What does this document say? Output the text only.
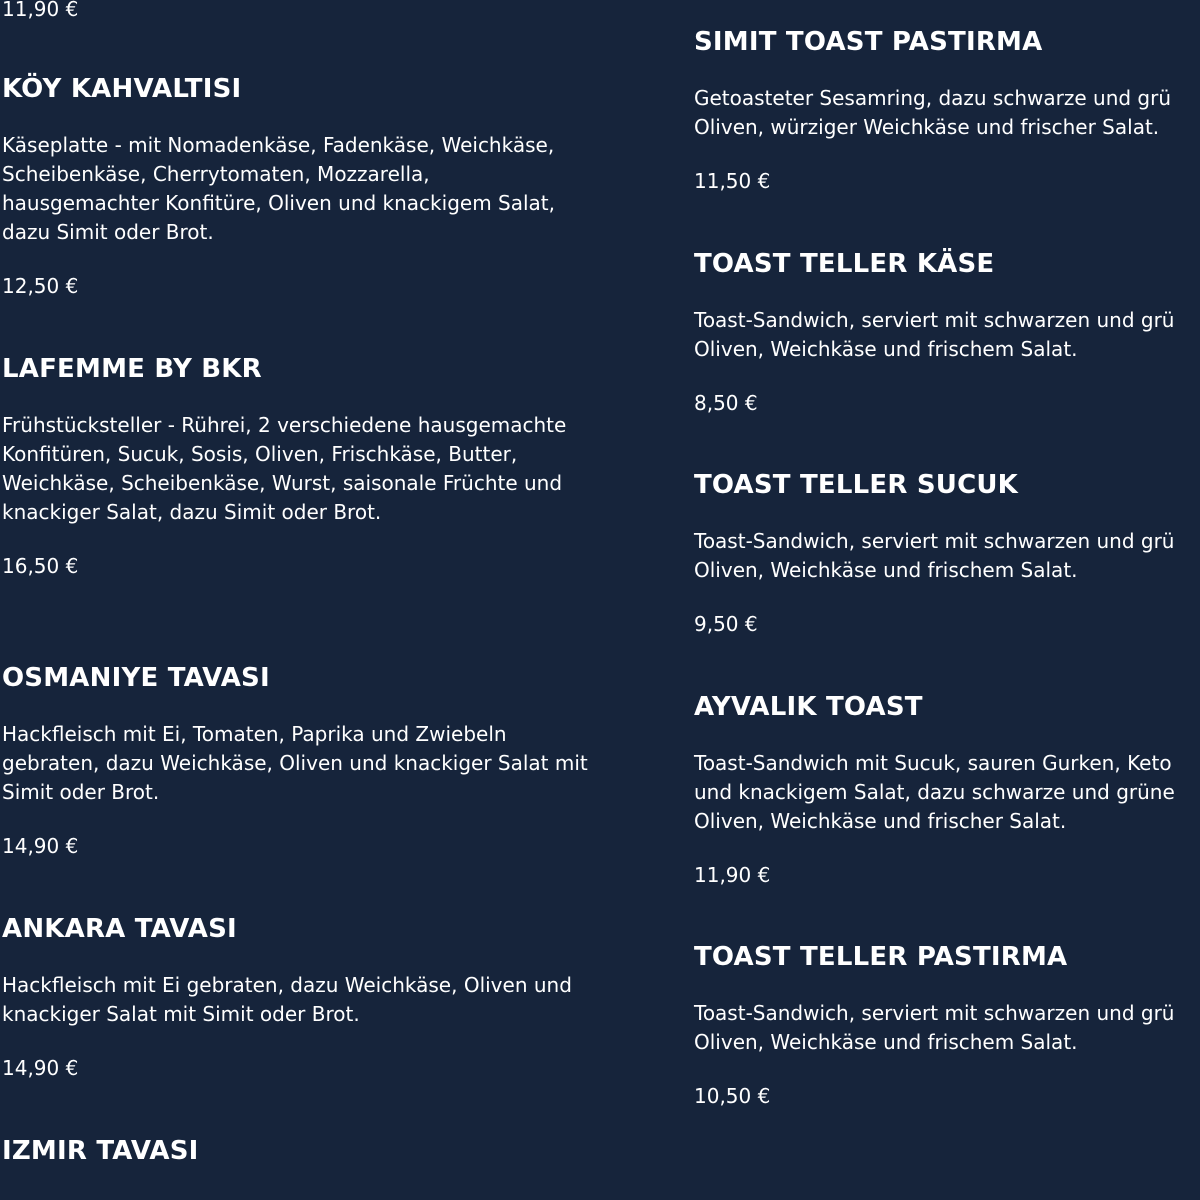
11,90 €
KÖY KAHVALTISI

Käseplatte - mit Nomadenkäse, Fadenkäse, Weichkäse, Scheibenkäse, Cherrytomaten, Mozzarella, hausgemachter Konfitüre, Oliven und knackigem Salat, dazu Simit oder Brot.

12,50 €

LAFEMME BY BKR

Frühstücksteller - Rührei, 2 verschiedene hausgemachte Konfitüren, Sucuk, Sosis, Oliven, Frischkäse, Butter, Weichkäse, Scheibenkäse, Wurst, saisonale Früchte und knackiger Salat, dazu Simit oder Brot.

16,50 €

OSMANIYE TAVASI

Hackfleisch mit Ei, Tomaten, Paprika und Zwiebeln gebraten, dazu Weichkäse, Oliven und knackiger Salat mit Simit oder Brot.

14,90 €

ANKARA TAVASI

Hackfleisch mit Ei gebraten, dazu Weichkäse, Oliven und knackiger Salat mit Simit oder Brot.

14,90 €

IZMIR TAVASI
SIMIT TOAST PASTIRMA

Getoasteter Sesamring, dazu schwarze und grü
Oliven, würziger Weichkäse und frischer Salat.

11,50 €

TOAST TELLER KÄSE

Toast-Sandwich, serviert mit schwarzen und grü
Oliven, Weichkäse und frischem Salat.

8,50 €

TOAST TELLER SUCUK

Toast-Sandwich, serviert mit schwarzen und grü
Oliven, Weichkäse und frischem Salat.

9,50 €

AYVALIK TOAST

Toast-Sandwich mit Sucuk, sauren Gurken, Keto
und knackigem Salat, dazu schwarze und grüne
Oliven, Weichkäse und frischer Salat.

11,90 €

TOAST TELLER PASTIRMA

Toast-Sandwich, serviert mit schwarzen und grü
Oliven, Weichkäse und frischem Salat.

10,50 €
